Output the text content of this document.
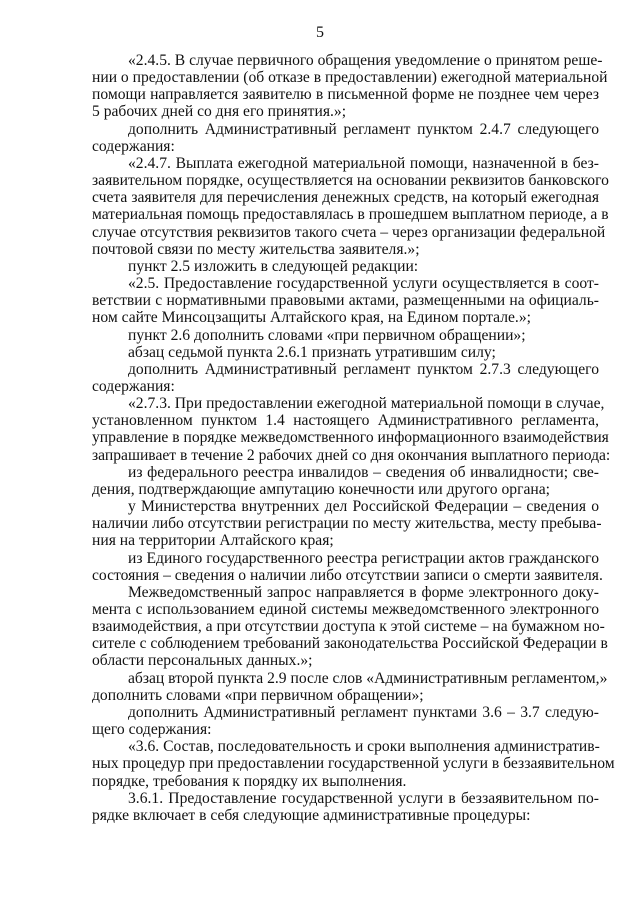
5
«2.4.5. В случае первичного обращения уведомление о принятом реше-
нии о предоставлении (об отказе в предоставлении) ежегодной материальной
помощи направляется заявителю в письменной форме не позднее чем через
5 рабочих дней со дня его принятия.»;
дополнить Административный регламент пунктом 2.4.7 следующего
содержания:
«2.4.7. Выплата ежегодной материальной помощи, назначенной в без-
заявительном порядке, осуществляется на основании реквизитов банковского
счета заявителя для перечисления денежных средств, на который ежегодная
материальная помощь предоставлялась в прошедшем выплатном периоде, а в
случае отсутствия реквизитов такого счета – через организации федеральной
почтовой связи по месту жительства заявителя.»;
пункт 2.5 изложить в следующей редакции:
«2.5. Предоставление государственной услуги осуществляется в соот-
ветствии с нормативными правовыми актами, размещенными на официаль-
ном сайте Минсоцзащиты Алтайского края, на Едином портале.»;
пункт 2.6 дополнить словами «при первичном обращении»;
абзац седьмой пункта 2.6.1 признать утратившим силу;
дополнить Административный регламент пунктом 2.7.3 следующего
содержания:
«2.7.3. При предоставлении ежегодной материальной помощи в случае,
установленном пунктом 1.4 настоящего Административного регламента,
управление в порядке межведомственного информационного взаимодействия
запрашивает в течение 2 рабочих дней со дня окончания выплатного периода:
из федерального реестра инвалидов – сведения об инвалидности; све-
дения, подтверждающие ампутацию конечности или другого органа;
у Министерства внутренних дел Российской Федерации – сведения о
наличии либо отсутствии регистрации по месту жительства, месту пребыва-
ния на территории Алтайского края;
из Единого государственного реестра регистрации актов гражданского
состояния – сведения о наличии либо отсутствии записи о смерти заявителя.
Межведомственный запрос направляется в форме электронного доку-
мента с использованием единой системы межведомственного электронного
взаимодействия, а при отсутствии доступа к этой системе – на бумажном но-
сителе с соблюдением требований законодательства Российской Федерации в
области персональных данных.»;
абзац второй пункта 2.9 после слов «Административным регламентом,»
дополнить словами «при первичном обращении»;
дополнить Административный регламент пунктами 3.6 – 3.7 следую-
щего содержания:
«3.6. Состав, последовательность и сроки выполнения административ-
ных процедур при предоставлении государственной услуги в беззаявительном
порядке, требования к порядку их выполнения.
3.6.1. Предоставление государственной услуги в беззаявительном по-
рядке включает в себя следующие административные процедуры:
